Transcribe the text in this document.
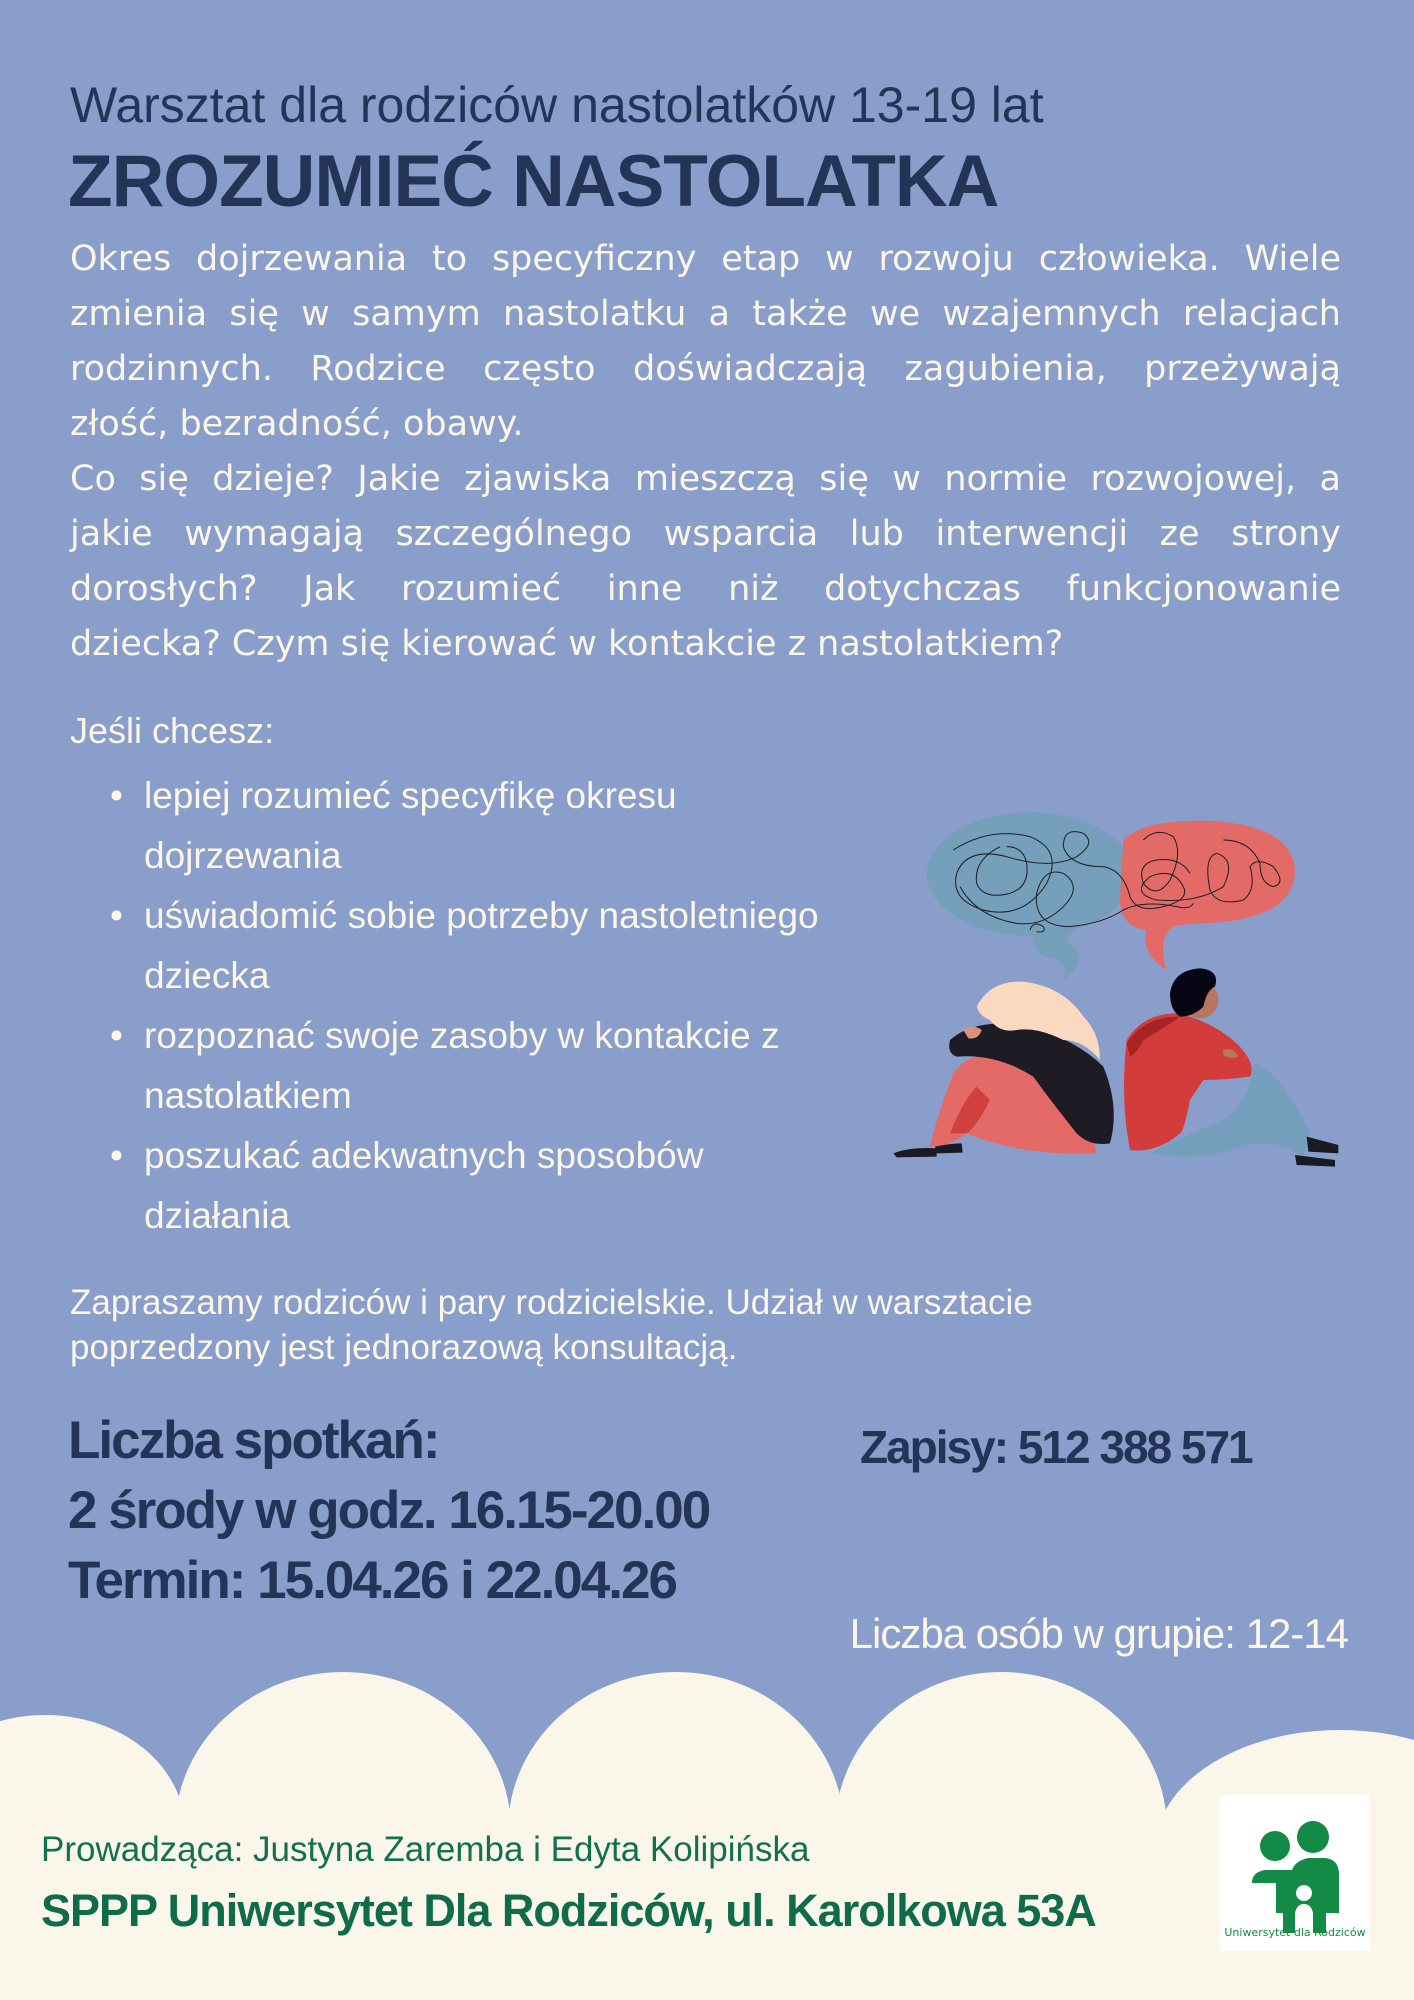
Warsztat dla rodziców nastolatków 13-19 lat
ZROZUMIEĆ NASTOLATKA
Okres dojrzewania to specyficzny etap w rozwoju człowieka. Wiele
zmienia się w samym nastolatku a także we wzajemnych relacjach
rodzinnych. Rodzice często doświadczają zagubienia, przeżywają
złość, bezradność, obawy.
Co się dzieje? Jakie zjawiska mieszczą się w normie rozwojowej, a
jakie wymagają szczególnego wsparcia lub interwencji ze strony
dorosłych? Jak rozumieć inne niż dotychczas funkcjonowanie
dziecka? Czym się kierować w kontakcie z nastolatkiem?
Jeśli chcesz:
• lepiej rozumieć specyfikę okresu
dojrzewania
• uświadomić sobie potrzeby nastoletniego
dziecka
• rozpoznać swoje zasoby w kontakcie z
nastolatkiem
• poszukać adekwatnych sposobów
działania
Zapraszamy rodziców i pary rodzicielskie. Udział w warsztacie
poprzedzony jest jednorazową konsultacją.
Liczba spotkań:
2 środy w godz. 16.15-20.00
Termin: 15.04.26 i 22.04.26
Zapisy: 512 388 571
Liczba osób w grupie: 12-14
Prowadząca: Justyna Zaremba i Edyta Kolipińska
SPPP Uniwersytet Dla Rodziców, ul. Karolkowa 53A	Uniwersytet dla Rodziców
